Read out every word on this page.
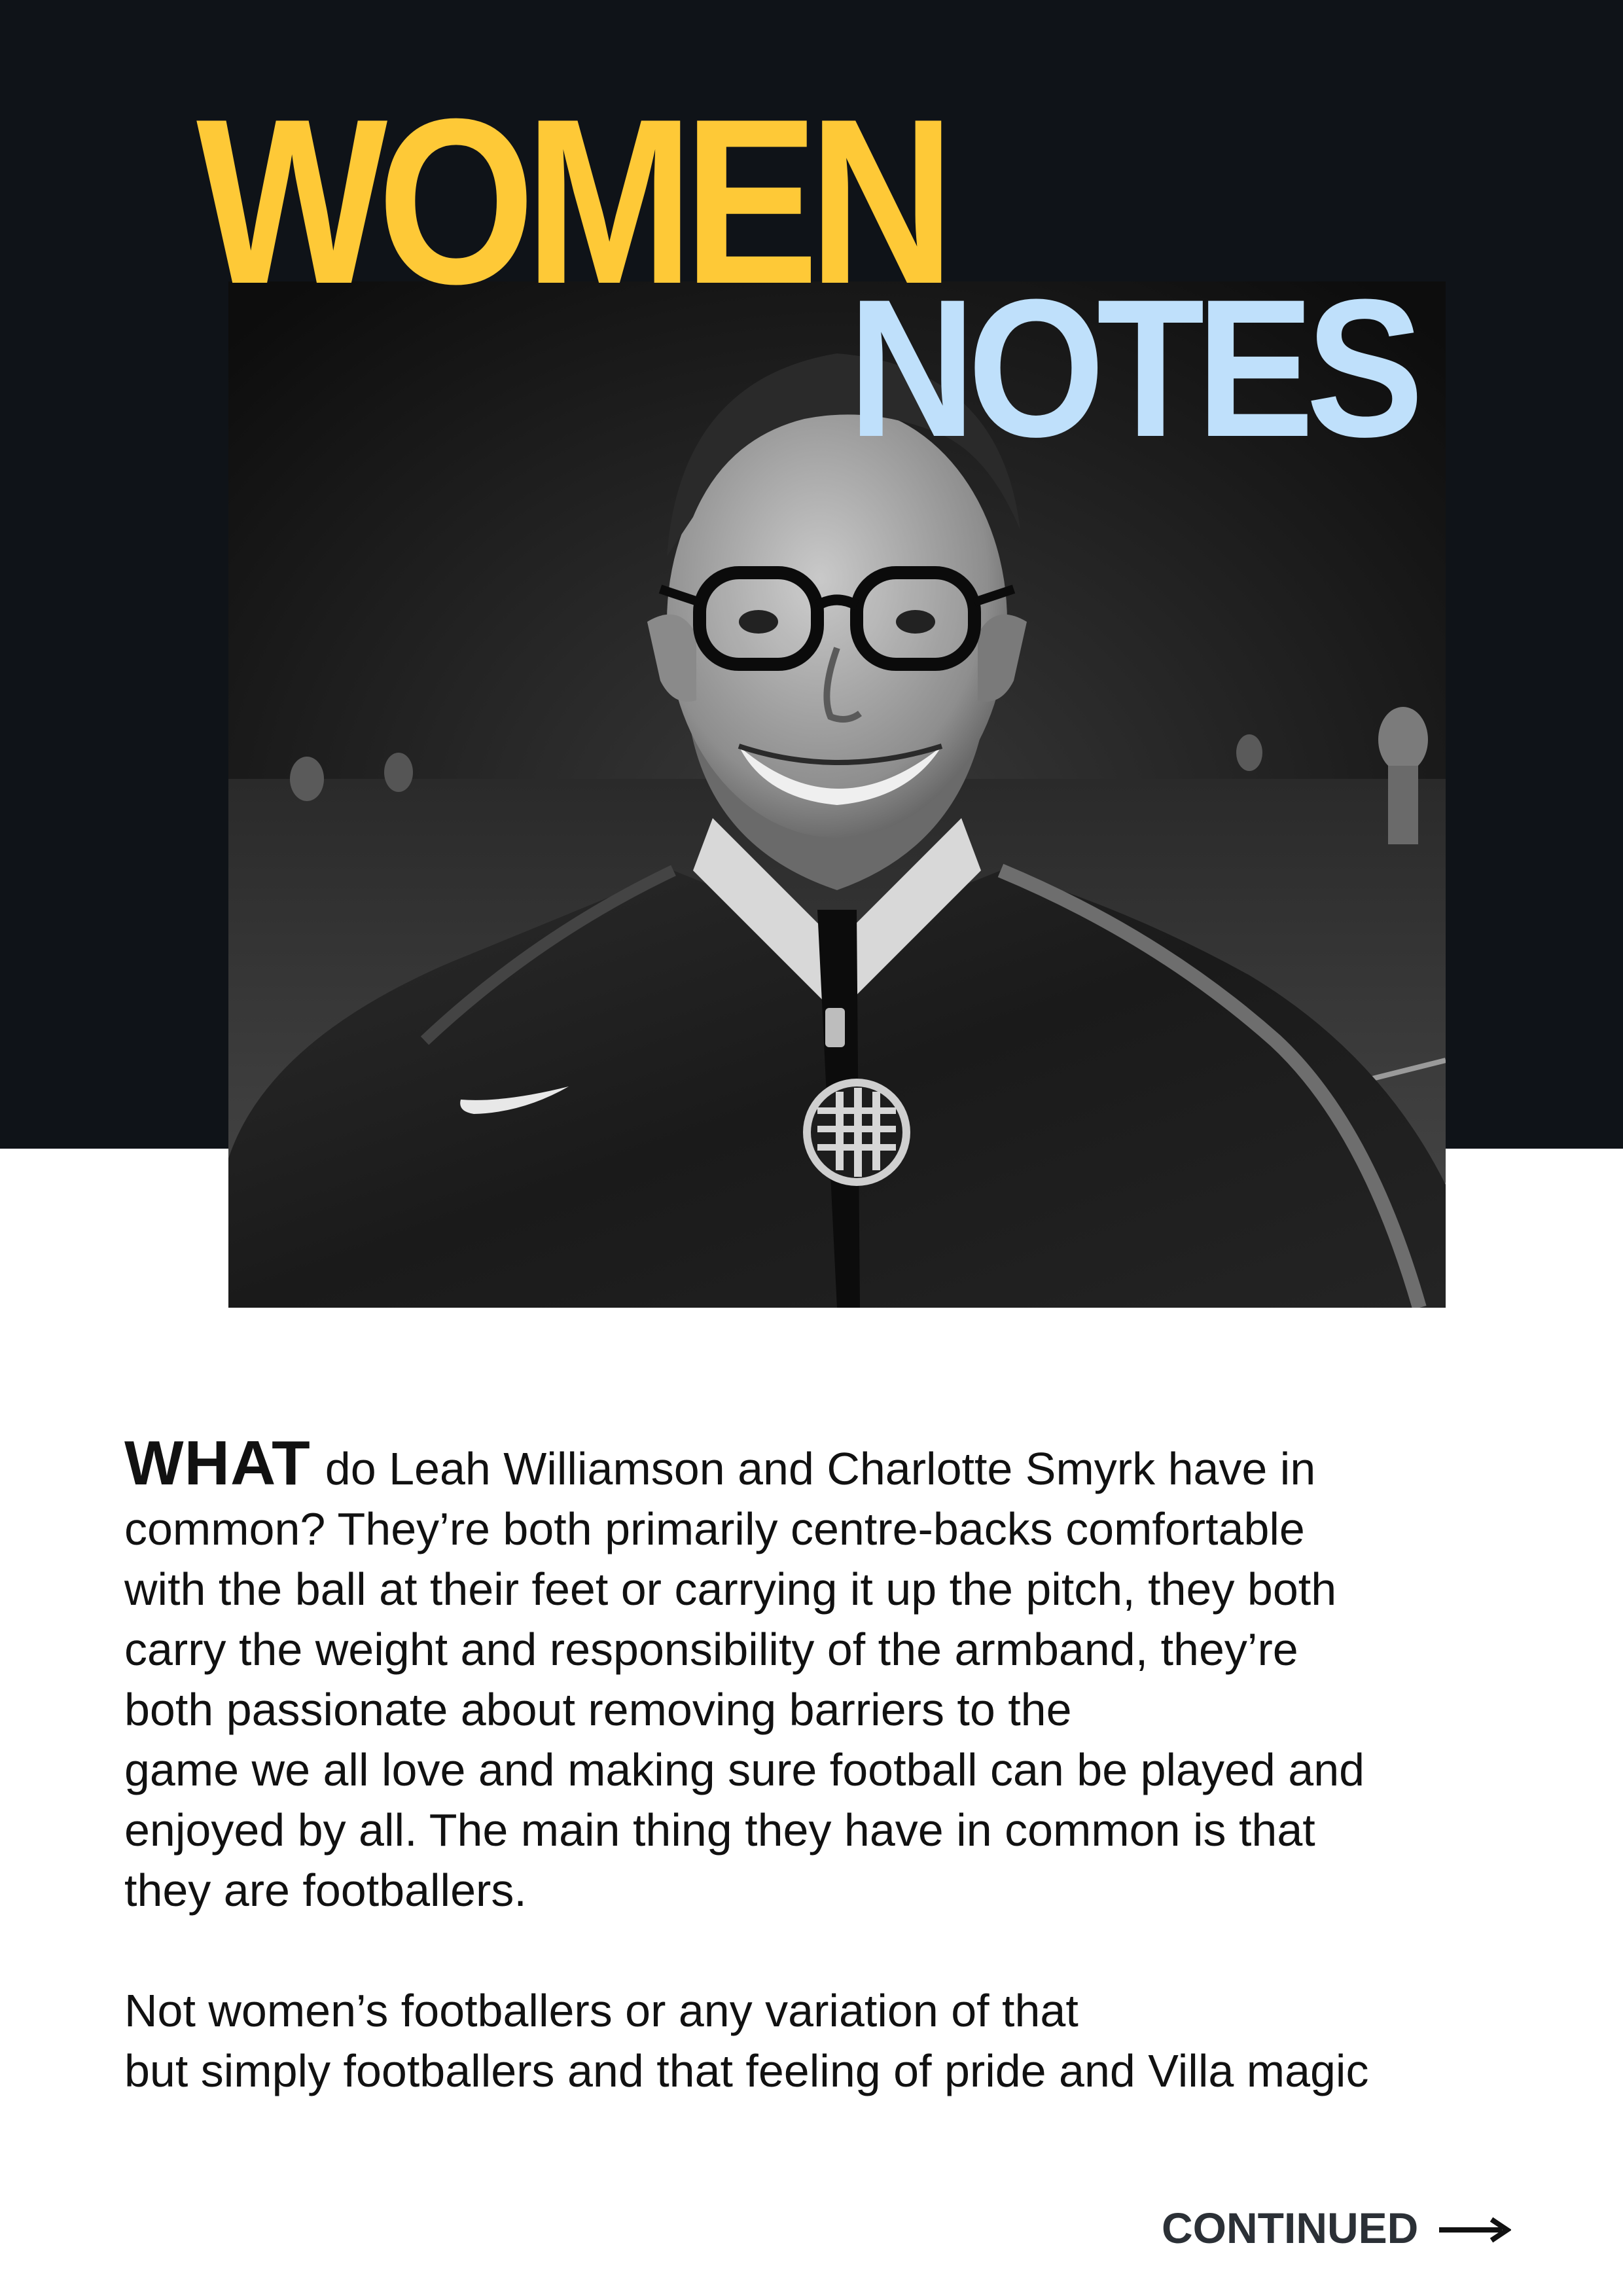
WOMEN
NOTES

WHAT do Leah Williamson and Charlotte Smyrk have in

common? They’re both primarily centre-backs comfortable

with the ball at their feet or carrying it up the pitch, they both

carry the weight and responsibility of the armband, they’re

both passionate about removing barriers to the

game we all love and making sure football can be played and

enjoyed by all. The main thing they have in common is that

they are footballers.

Not women’s footballers or any variation of that

but simply footballers and that feeling of pride and Villa magic

CONTINUED
